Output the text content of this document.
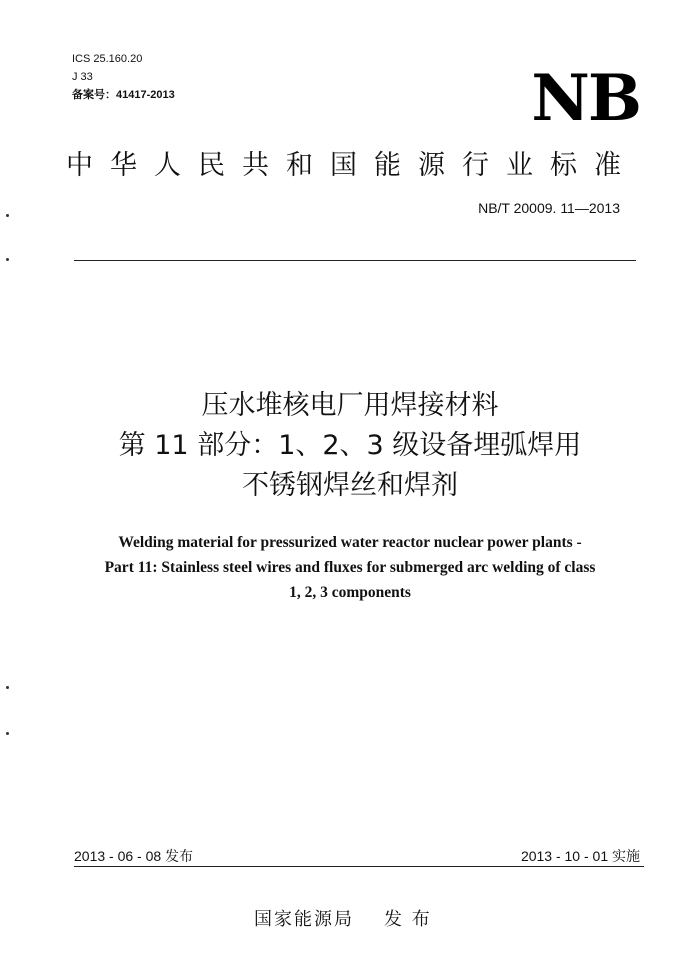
ICS 25.160.20
J 33
备案号：41417-2013	NB
中华人民共和国能源行业标准
NB/T 20009. 11—2013
压水堆核电厂用焊接材料
第 11 部分：1、2、3 级设备埋弧焊用
不锈钢焊丝和焊剂
Welding material for pressurized water reactor nuclear power plants -
Part 11: Stainless steel wires and fluxes for submerged arc welding of class
1, 2, 3 components
2013 - 06 - 08 发布	2013 - 10 - 01 实施
国家能源局 发 布
